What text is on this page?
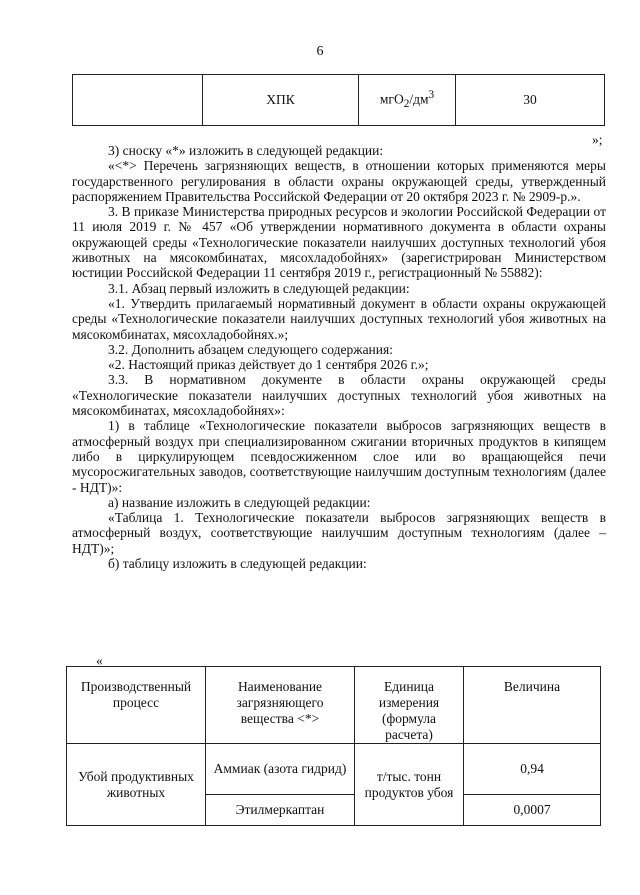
6
	ХПК	$мгО_2/дм^3$	30
»;

3) сноску «*» изложить в следующей редакции:

«<*> Перечень загрязняющих веществ, в отношении которых применяются меры государственного регулирования в области охраны окружающей среды, утвержденный распоряжением Правительства Российской Федерации от 20 октября 2023 г. № 2909-р.».

3. В приказе Министерства природных ресурсов и экологии Российской Федерации от 11 июля 2019 г. № 457 «Об утверждении нормативного документа в области охраны окружающей среды «Технологические показатели наилучших доступных технологий убоя животных на мясокомбинатах, мясохладобойнях» (зарегистрирован Министерством юстиции Российской Федерации 11 сентября 2019 г., регистрационный № 55882):

3.1. Абзац первый изложить в следующей редакции:

«1. Утвердить прилагаемый нормативный документ в области охраны окружающей среды «Технологические показатели наилучших доступных технологий убоя животных на мясокомбинатах, мясохладобойнях.»;

3.2. Дополнить абзацем следующего содержания:

«2. Настоящий приказ действует до 1 сентября 2026 г.»;

3.3. В нормативном документе в области охраны окружающей среды «Технологические показатели наилучших доступных технологий убоя животных на мясокомбинатах, мясохладобойнях»:

1) в таблице «Технологические показатели выбросов загрязняющих веществ в атмосферный воздух при специализированном сжигании вторичных продуктов в кипящем либо в циркулирующем псевдосжиженном слое или во вращающейся печи мусоросжигательных заводов, соответствующие наилучшим доступным технологиям (далее - НДТ)»:

а) название изложить в следующей редакции:

«Таблица 1. Технологические показатели выбросов загрязняющих веществ в атмосферный воздух, соответствующие наилучшим доступным технологиям (далее – НДТ)»;

б) таблицу изложить в следующей редакции:

«
Производственный процесс	Наименование загрязняющего вещества <*>	Единица измерения (формула расчета)	Величина
Убой продуктивных животных	Аммиак (азота гидрид)	т/тыс. тонн продуктов убоя	0,94
	Этилмеркаптан		0,0007
